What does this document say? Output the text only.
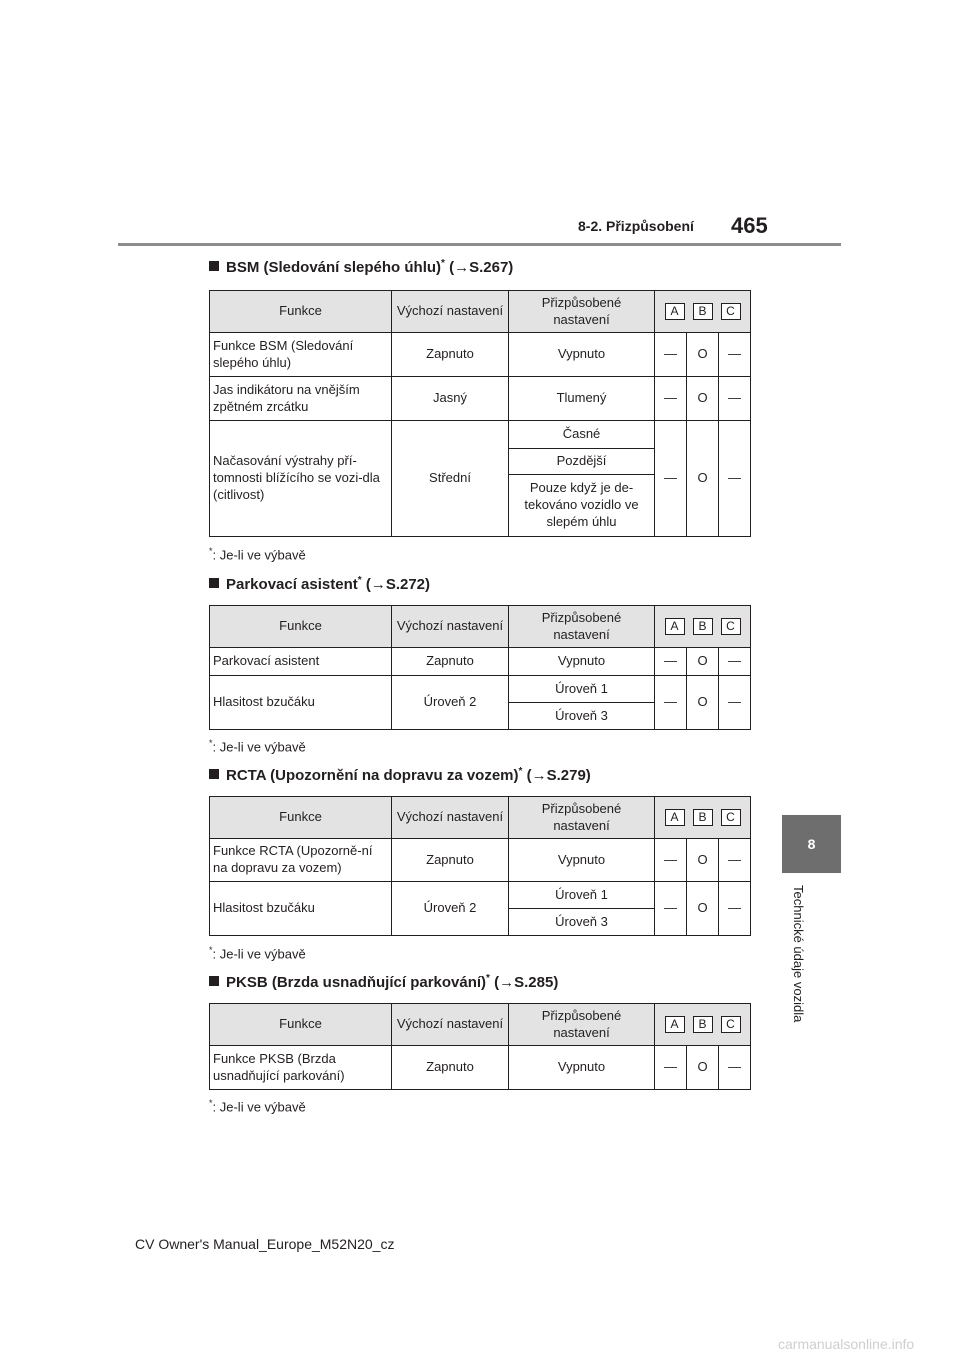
8-2. Přizpůsobení 465
8
Technické údaje vozidla
BSM (Sledování slepého úhlu)* (→S.267)
Funkce	Výchozí nastavení	Přizpůsobené nastavení	A B C		
Funkce BSM (Sledování slepého úhlu)	Zapnuto	Vypnuto	—	O	—
Jas indikátoru na vnějším zpětném zrcátku	Jasný	Tlumený	—	O	—
Načasování výstrahy pří-tomnosti blížícího se vozi-dla (citlivost)	Střední	Časné	—	O	—
		Pozdější			
		Pouze když je de-tekováno vozidlo ve slepém úhlu			
*: Je-li ve výbavě
Parkovací asistent* (→S.272)
Funkce	Výchozí nastavení	Přizpůsobené nastavení	A B C		
Parkovací asistent	Zapnuto	Vypnuto	—	O	—
Hlasitost bzučáku	Úroveň 2	Úroveň 1	—	O	—
		Úroveň 3			
*: Je-li ve výbavě
RCTA (Upozornění na dopravu za vozem)* (→S.279)
Funkce	Výchozí nastavení	Přizpůsobené nastavení	A B C		
Funkce RCTA (Upozorně-ní na dopravu za vozem)	Zapnuto	Vypnuto	—	O	—
Hlasitost bzučáku	Úroveň 2	Úroveň 1	—	O	—
		Úroveň 3			
*: Je-li ve výbavě
PKSB (Brzda usnadňující parkování)* (→S.285)
Funkce	Výchozí nastavení	Přizpůsobené nastavení	A B C		
Funkce PKSB (Brzda usnadňující parkování)	Zapnuto	Vypnuto	—	O	—
*: Je-li ve výbavě
CV Owner's Manual_Europe_M52N20_cz
carmanualsonline.info
